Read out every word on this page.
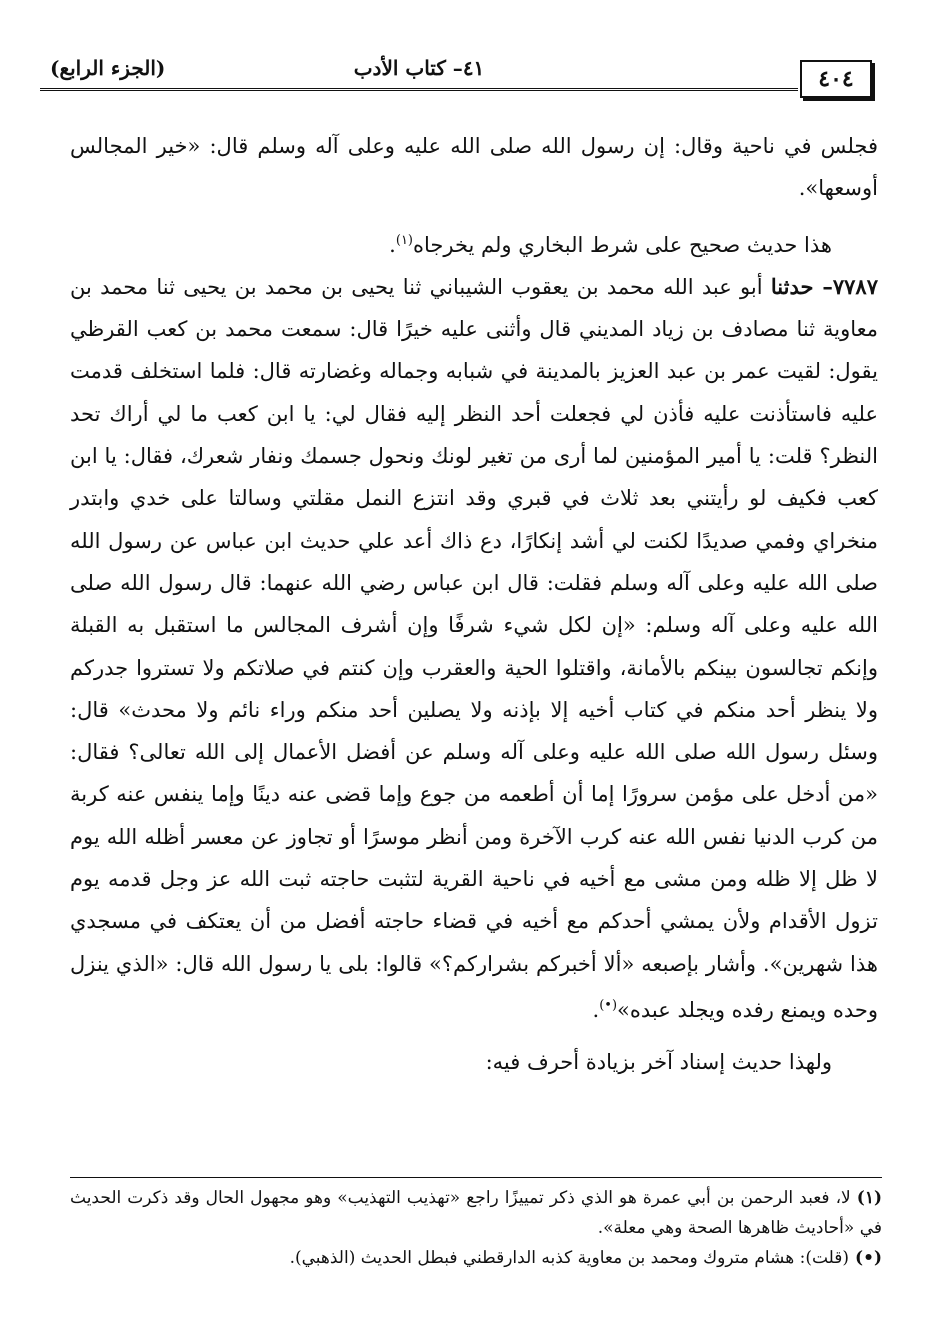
٤٠٤
٤١– كتاب الأدب
(الجزء الرابع)

فجلس في ناحية وقال: إن رسول الله صلى الله عليه وعلى آله وسلم قال: «خير المجالس أوسعها».

هذا حديث صحيح على شرط البخاري ولم يخرجاه$^{(١)}$.

٧٧٨٧– حدثنا أبو عبد الله محمد بن يعقوب الشيباني ثنا يحيى بن محمد بن يحيى ثنا محمد بن معاوية ثنا مصادف بن زياد المديني قال وأثنى عليه خيرًا قال: سمعت محمد بن كعب القرظي يقول: لقيت عمر بن عبد العزيز بالمدينة في شبابه وجماله وغضارته قال: فلما استخلف قدمت عليه فاستأذنت عليه فأذن لي فجعلت أحد النظر إليه فقال لي: يا ابن كعب ما لي أراك تحد النظر؟ قلت: يا أمير المؤمنين لما أرى من تغير لونك ونحول جسمك ونفار شعرك، فقال: يا ابن كعب فكيف لو رأيتني بعد ثلاث في قبري وقد انتزع النمل مقلتي وسالتا على خدي وابتدر منخراي وفمي صديدًا لكنت لي أشد إنكارًا، دع ذاك أعد علي حديث ابن عباس عن رسول الله صلى الله عليه وعلى آله وسلم فقلت: قال ابن عباس رضي الله عنهما: قال رسول الله صلى الله عليه وعلى آله وسلم: «إن لكل شيء شرفًا وإن أشرف المجالس ما استقبل به القبلة وإنكم تجالسون بينكم بالأمانة، واقتلوا الحية والعقرب وإن كنتم في صلاتكم ولا تستروا جدركم ولا ينظر أحد منكم في كتاب أخيه إلا بإذنه ولا يصلين أحد منكم وراء نائم ولا محدث» قال: وسئل رسول الله صلى الله عليه وعلى آله وسلم عن أفضل الأعمال إلى الله تعالى؟ فقال: «من أدخل على مؤمن سرورًا إما أن أطعمه من جوع وإما قضى عنه دينًا وإما ينفس عنه كربة من كرب الدنيا نفس الله عنه كرب الآخرة ومن أنظر موسرًا أو تجاوز عن معسر أظله الله يوم لا ظل إلا ظله ومن مشى مع أخيه في ناحية القرية لتثبت حاجته ثبت الله عز وجل قدمه يوم تزول الأقدام ولأن يمشي أحدكم مع أخيه في قضاء حاجته أفضل من أن يعتكف في مسجدي هذا شهرين». وأشار بإصبعه «ألا أخبركم بشراركم؟» قالوا: بلى يا رسول الله قال: «الذي ينزل وحده ويمنع رفده ويجلد عبده»(•).

ولهذا حديث إسناد آخر بزيادة أحرف فيه:

(١)لا، فعبد الرحمن بن أبي عمرة هو الذي ذكر تمييزًا راجع «تهذيب التهذيب» وهو مجهول الحال وقد ذكرت الحديث في «أحاديث ظاهرها الصحة وهي معلة».

(•)(قلت): هشام متروك ومحمد بن معاوية كذبه الدارقطني فبطل الحديث (الذهبي).
